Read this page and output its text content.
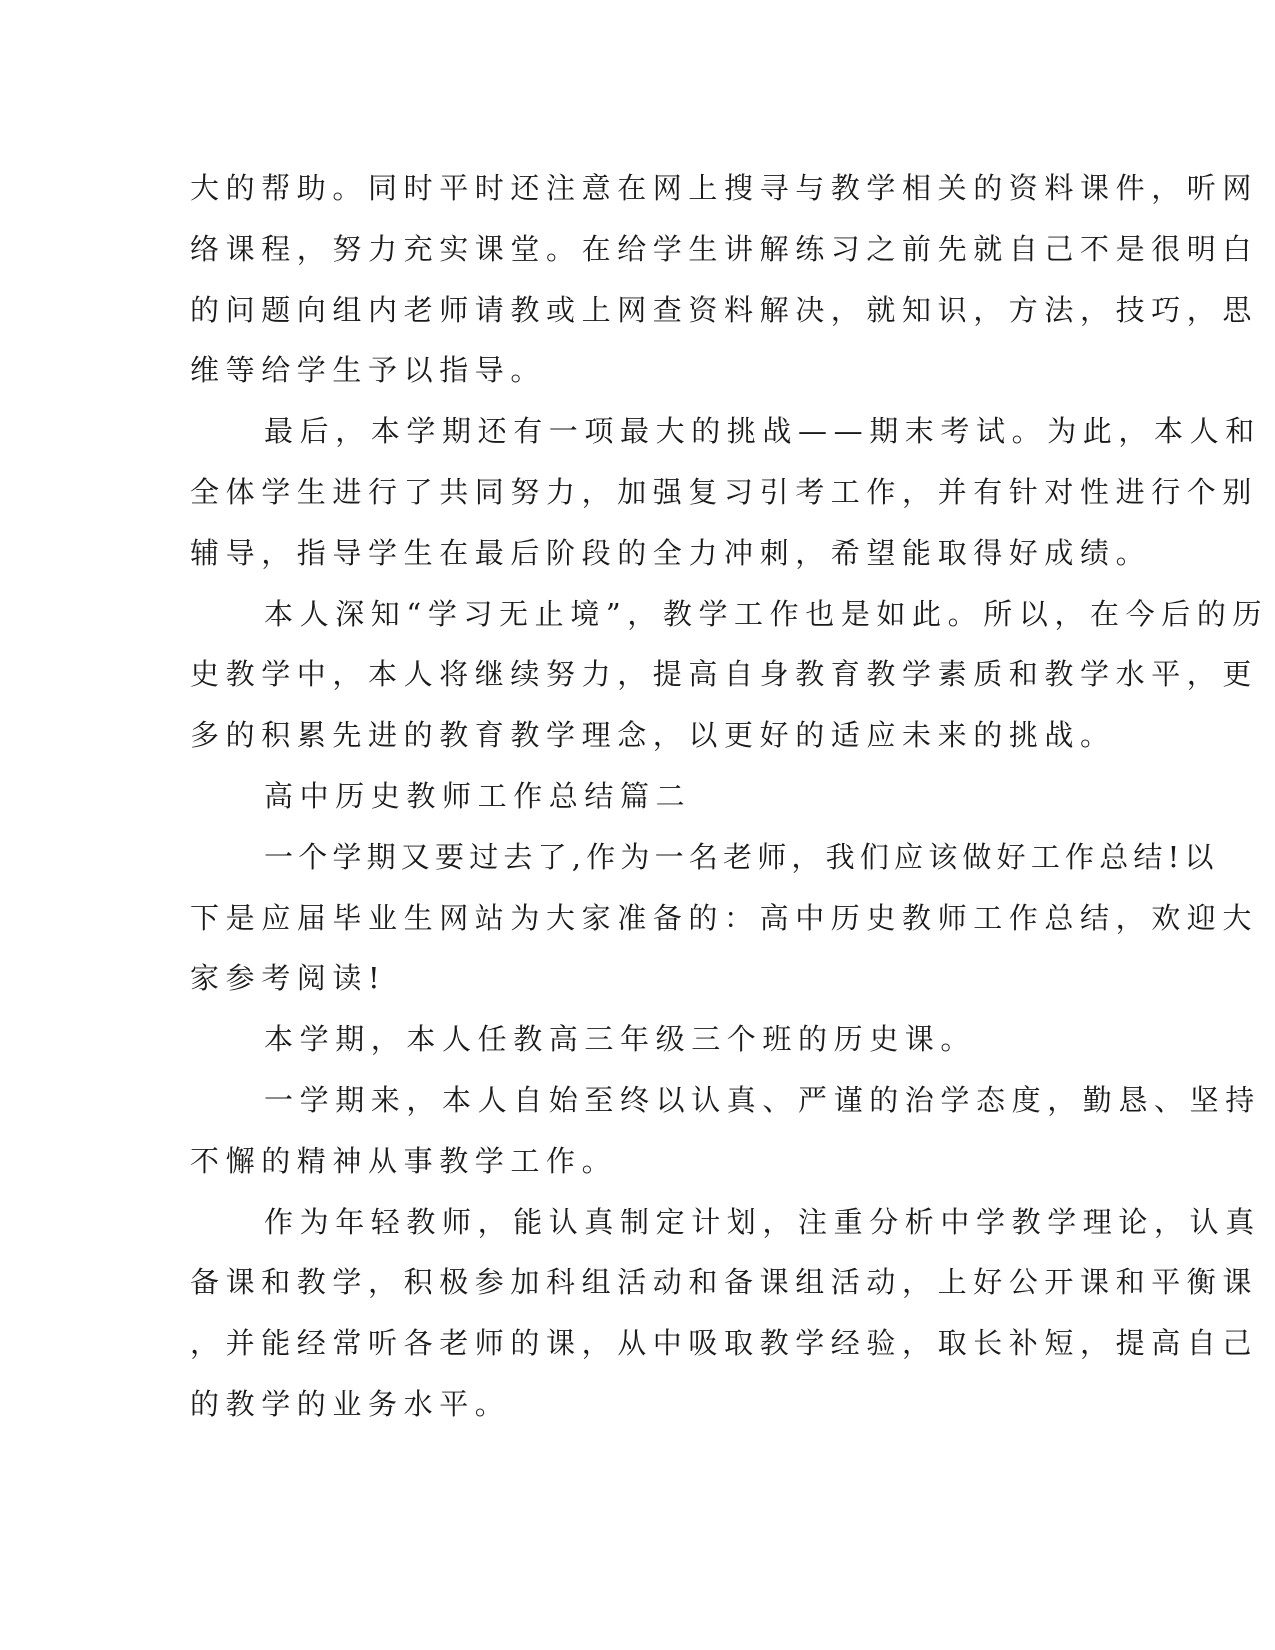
大的帮助。同时平时还注意在网上搜寻与教学相关的资料课件，听网
络课程，努力充实课堂。在给学生讲解练习之前先就自己不是很明白
的问题向组内老师请教或上网查资料解决，就知识，方法，技巧，思
维等给学生予以指导。
最后，本学期还有一项最大的挑战——期末考试。为此，本人和
全体学生进行了共同努力，加强复习引考工作，并有针对性进行个别
辅导，指导学生在最后阶段的全力冲刺，希望能取得好成绩。
本人深知“学习无止境”，教学工作也是如此。所以，在今后的历
史教学中，本人将继续努力，提高自身教育教学素质和教学水平，更
多的积累先进的教育教学理念，以更好的适应未来的挑战。
高中历史教师工作总结篇二
一个学期又要过去了,作为一名老师，我们应该做好工作总结!以
下是应届毕业生网站为大家准备的：高中历史教师工作总结，欢迎大
家参考阅读!
本学期，本人任教高三年级三个班的历史课。
一学期来，本人自始至终以认真、严谨的治学态度，勤恳、坚持
不懈的精神从事教学工作。
作为年轻教师，能认真制定计划，注重分析中学教学理论，认真
备课和教学，积极参加科组活动和备课组活动，上好公开课和平衡课
，并能经常听各老师的课，从中吸取教学经验，取长补短，提高自己
的教学的业务水平。
